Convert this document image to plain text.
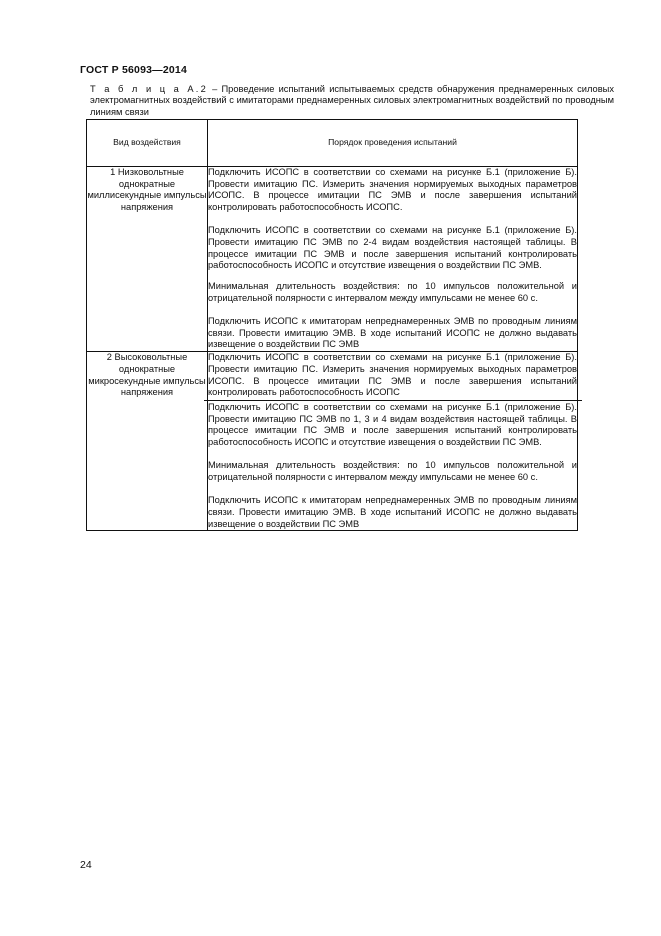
ГОСТ Р 56093—2014
Т а б л и ц а А.2 – Проведение испытаний испытываемых средств обнаружения преднамеренных силовых электромагнитных воздействий с имитаторами преднамеренных силовых электромагнитных воздействий по проводным линиям связи
Вид воздействия	Порядок проведения испытаний
1 Низковольтные однократные миллисекундные импульсы напряжения	Подключить ИСОПС в соответствии со схемами на рисунке Б.1 (приложение Б). Провести имитацию ПС. Измерить значения нормируемых выходных параметров ИСОПС. В процессе имитации ПС ЭМВ и после завершения испытаний контролировать работоспособность ИСОПС.

Подключить ИСОПС в соответствии со схемами на рисунке Б.1 (приложение Б). Провести имитацию ПС ЭМВ по 2-4 видам воздействия настоящей таблицы. В процессе имитации ПС ЭМВ и после завершения испытаний контролировать работоспособность ИСОПС и отсутствие извещения о воздействии ПС ЭМВ.

Минимальная длительность воздействия: по 10 импульсов положительной и отрицательной полярности с интервалом между импульсами не менее 60 с.

Подключить ИСОПС к имитаторам непреднамеренных ЭМВ по проводным линиям связи. Провести имитацию ЭМВ. В ходе испытаний ИСОПС не должно выдавать извещение о воздействии ПС ЭМВ

2 Высоковольтные однократные микросекундные импульсы напряжения	Подключить ИСОПС в соответствии со схемами на рисунке Б.1 (приложение Б). Провести имитацию ПС. Измерить значения нормируемых выходных параметров ИСОПС. В процессе имитации ПС ЭМВ и после завершения испытаний контролировать работоспособность ИСОПС

Подключить ИСОПС в соответствии со схемами на рисунке Б.1 (приложение Б). Провести имитацию ПС ЭМВ по 1, 3 и 4 видам воздействия настоящей таблицы. В процессе имитации ПС ЭМВ и после завершения испытаний контролировать работоспособность ИСОПС и отсутствие извещения о воздействии ПС ЭМВ.

Минимальная длительность воздействия: по 10 импульсов положительной и отрицательной полярности с интервалом между импульсами не менее 60 с.

Подключить ИСОПС к имитаторам непреднамеренных ЭМВ по проводным линиям связи. Провести имитацию ЭМВ. В ходе испытаний ИСОПС не должно выдавать извещение о воздействии ПС ЭМВ

24
